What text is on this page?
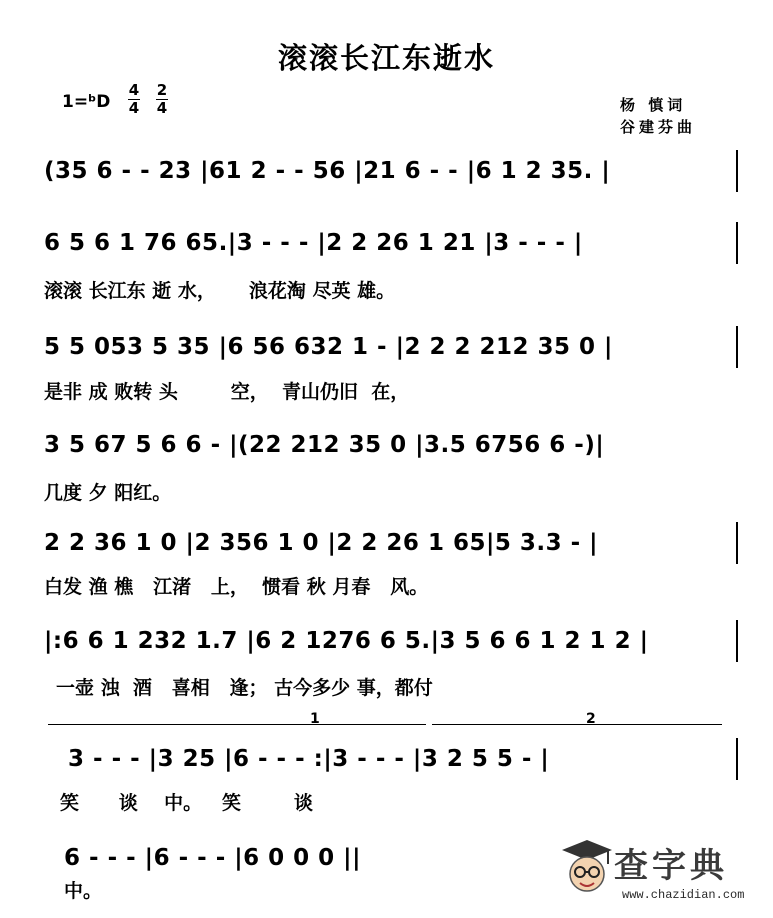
滚滚长江东逝水
1=ᵇD
4
4
2
4	杨 慎词
谷建芬曲
(35 6 - - 23 |61 2 - - 56 |21 6 - - |6 1 2 35. |
6 5 6 1 76 65.|3 - - - |2 2 26 1 21 |3 - - - |
滚滚 长江东 逝 水，     浪花淘 尽英 雄。
5 5 053 5 35 |6 56 632 1 - |2 2 2 212 35 0 |
是非 成 败转 头        空，  青山仍旧  在，
3 5 67 5 6 6 - |(22 212 35 0 |3.5 6756 6 -)|
几度 夕 阳红。
2 2 36 1 0 |2 356 1 0 |2 2 26 1 65|5 3.3 - |
白发 渔 樵   江渚   上，  惯看 秋 月春   风。
|:6 6 1 232 1.7 |6 2 1276 6 5.|3 5 6 6 1 2 1 2 |
一壶 浊  酒   喜相   逢； 古今多少 事，都付
1	2
3 - - - |3 25 |6 - - - :|3 - - - |3 2 5 5 - |
笑      谈    中。   笑        谈
6 - - - |6 - - - |6 0 0 0 ||
中。
查字典
www.chazidian.com
